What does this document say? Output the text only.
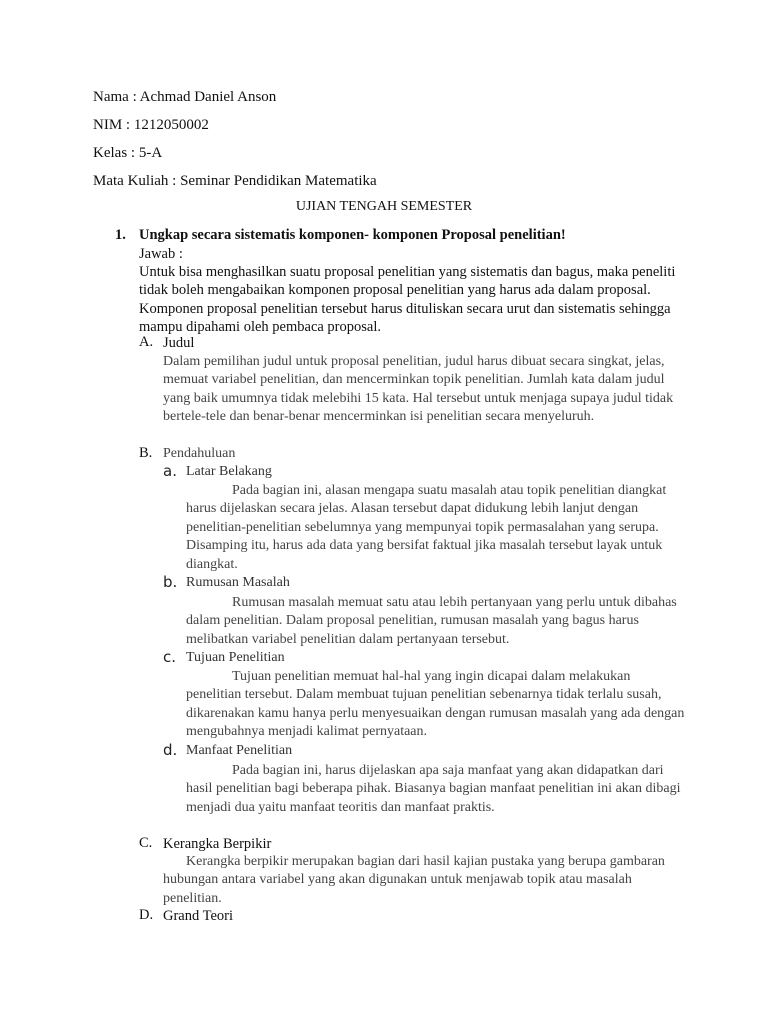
Nama : Achmad Daniel Anson
NIM : 1212050002
Kelas : 5-A
Mata Kuliah : Seminar Pendidikan Matematika
UJIAN TENGAH SEMESTER
1. Ungkap secara sistematis komponen- komponen Proposal penelitian!
Jawab :
Untuk bisa menghasilkan suatu proposal penelitian yang sistematis dan bagus, maka peneliti tidak boleh mengabaikan komponen proposal penelitian yang harus ada dalam proposal. Komponen proposal penelitian tersebut harus dituliskan secara urut dan sistematis sehingga mampu dipahami oleh pembaca proposal.
A. Judul
Dalam pemilihan judul untuk proposal penelitian, judul harus dibuat secara singkat, jelas, memuat variabel penelitian, dan mencerminkan topik penelitian. Jumlah kata dalam judul yang baik umumnya tidak melebihi 15 kata. Hal tersebut untuk menjaga supaya judul tidak bertele-tele dan benar-benar mencerminkan isi penelitian secara menyeluruh.
B. Pendahuluan
a. Latar Belakang
Pada bagian ini, alasan mengapa suatu masalah atau topik penelitian diangkat harus dijelaskan secara jelas. Alasan tersebut dapat didukung lebih lanjut dengan penelitian-penelitian sebelumnya yang mempunyai topik permasalahan yang serupa. Disamping itu, harus ada data yang bersifat faktual jika masalah tersebut layak untuk diangkat.
b. Rumusan Masalah
Rumusan masalah memuat satu atau lebih pertanyaan yang perlu untuk dibahas dalam penelitian. Dalam proposal penelitian, rumusan masalah yang bagus harus melibatkan variabel penelitian dalam pertanyaan tersebut.
c. Tujuan Penelitian
Tujuan penelitian memuat hal-hal yang ingin dicapai dalam melakukan penelitian tersebut. Dalam membuat tujuan penelitian sebenarnya tidak terlalu susah, dikarenakan kamu hanya perlu menyesuaikan dengan rumusan masalah yang ada dengan mengubahnya menjadi kalimat pernyataan.
d. Manfaat Penelitian
Pada bagian ini, harus dijelaskan apa saja manfaat yang akan didapatkan dari hasil penelitian bagi beberapa pihak. Biasanya bagian manfaat penelitian ini akan dibagi menjadi dua yaitu manfaat teoritis dan manfaat praktis.
C. Kerangka Berpikir
Kerangka berpikir merupakan bagian dari hasil kajian pustaka yang berupa gambaran hubungan antara variabel yang akan digunakan untuk menjawab topik atau masalah penelitian.
D. Grand Teori
